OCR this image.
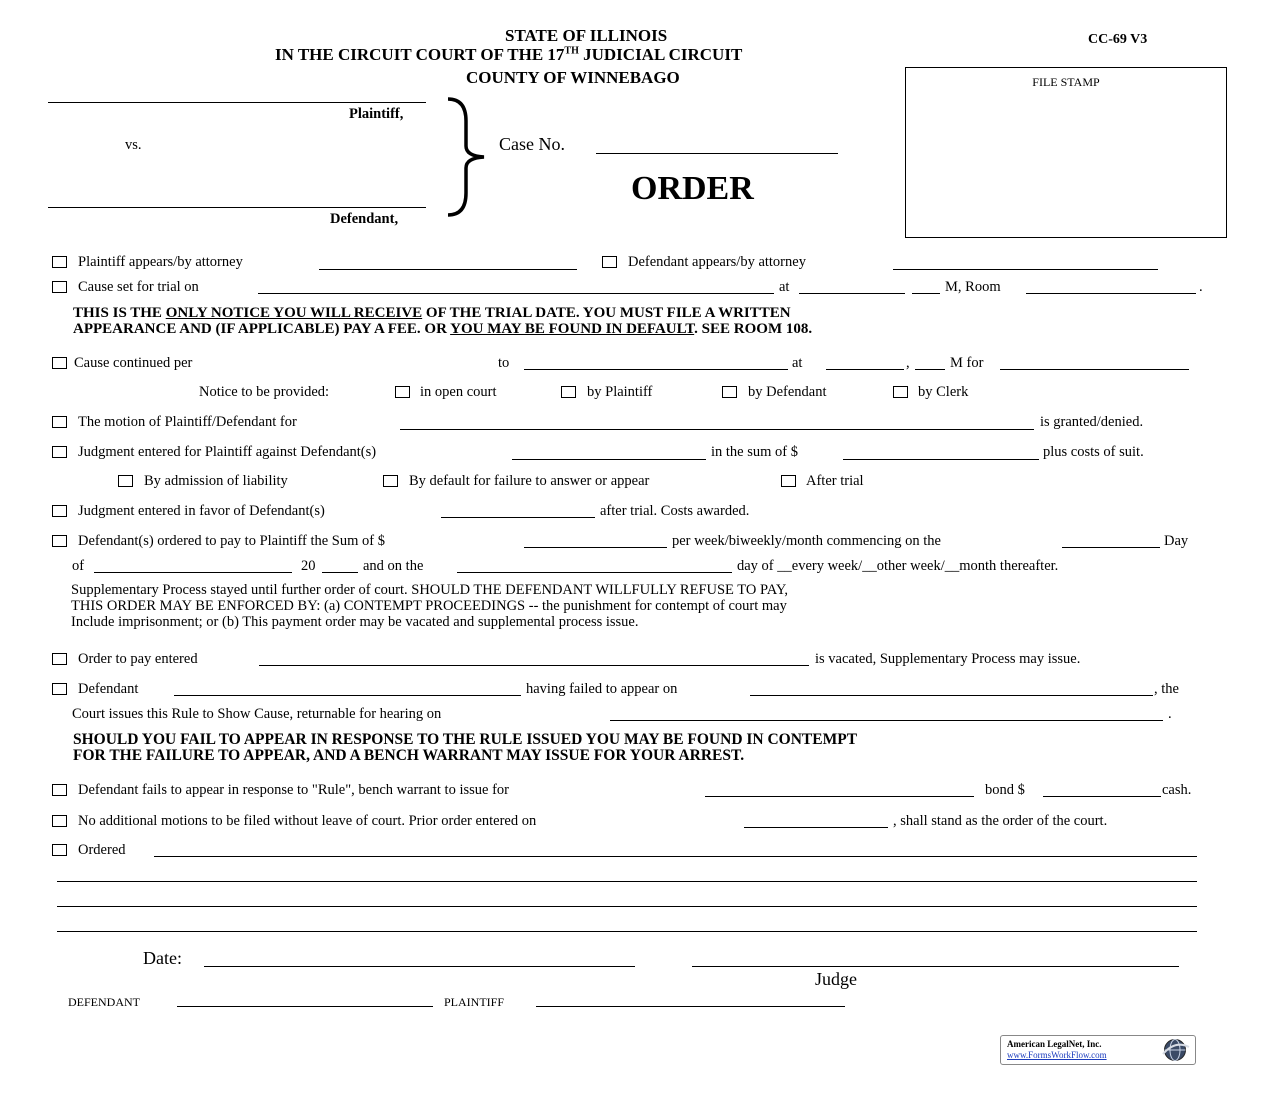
STATE OF ILLINOIS
IN THE CIRCUIT COURT OF THE 17TH JUDICIAL CIRCUIT
COUNTY OF WINNEBAGO
CC-69 V3
FILE STAMP
Plaintiff,
vs.
Defendant,
Case No.
ORDER
Plaintiff appears/by attorney	Defendant appears/by attorney
Cause set for trial on	at	M, Room	.
THIS IS THE ONLY NOTICE YOU WILL RECEIVE OF THE TRIAL DATE. YOU MUST FILE A WRITTEN
APPEARANCE AND (IF APPLICABLE) PAY A FEE. OR YOU MAY BE FOUND IN DEFAULT. SEE ROOM 108.
Cause continued per	to	at	,	M for
Notice to be provided:	in open court	by Plaintiff	by Defendant	by Clerk
The motion of Plaintiff/Defendant for	is granted/denied.
Judgment entered for Plaintiff against Defendant(s)	in the sum of $	plus costs of suit.
By admission of liability	By default for failure to answer or appear	After trial
Judgment entered in favor of Defendant(s)	after trial. Costs awarded.
Defendant(s) ordered to pay to Plaintiff the Sum of $	per week/biweekly/month commencing on the	Day
of	20	and on the	day of __every week/__other week/__month thereafter.
Supplementary Process stayed until further order of court. SHOULD THE DEFENDANT WILLFULLY REFUSE TO PAY,
THIS ORDER MAY BE ENFORCED BY: (a) CONTEMPT PROCEEDINGS -- the punishment for contempt of court may
Include imprisonment; or (b) This payment order may be vacated and supplemental process issue.
Order to pay entered	is vacated, Supplementary Process may issue.
Defendant	having failed to appear on	, the
Court issues this Rule to Show Cause, returnable for hearing on	.
SHOULD YOU FAIL TO APPEAR IN RESPONSE TO THE RULE ISSUED YOU MAY BE FOUND IN CONTEMPT
FOR THE FAILURE TO APPEAR, AND A BENCH WARRANT MAY ISSUE FOR YOUR ARREST.
Defendant fails to appear in response to "Rule", bench warrant to issue for	bond $	cash.
No additional motions to be filed without leave of court. Prior order entered on	, shall stand as the order of the court.
Ordered
Date:
Judge
DEFENDANT	PLAINTIFF
American LegalNet, Inc.
www.FormsWorkFlow.com
